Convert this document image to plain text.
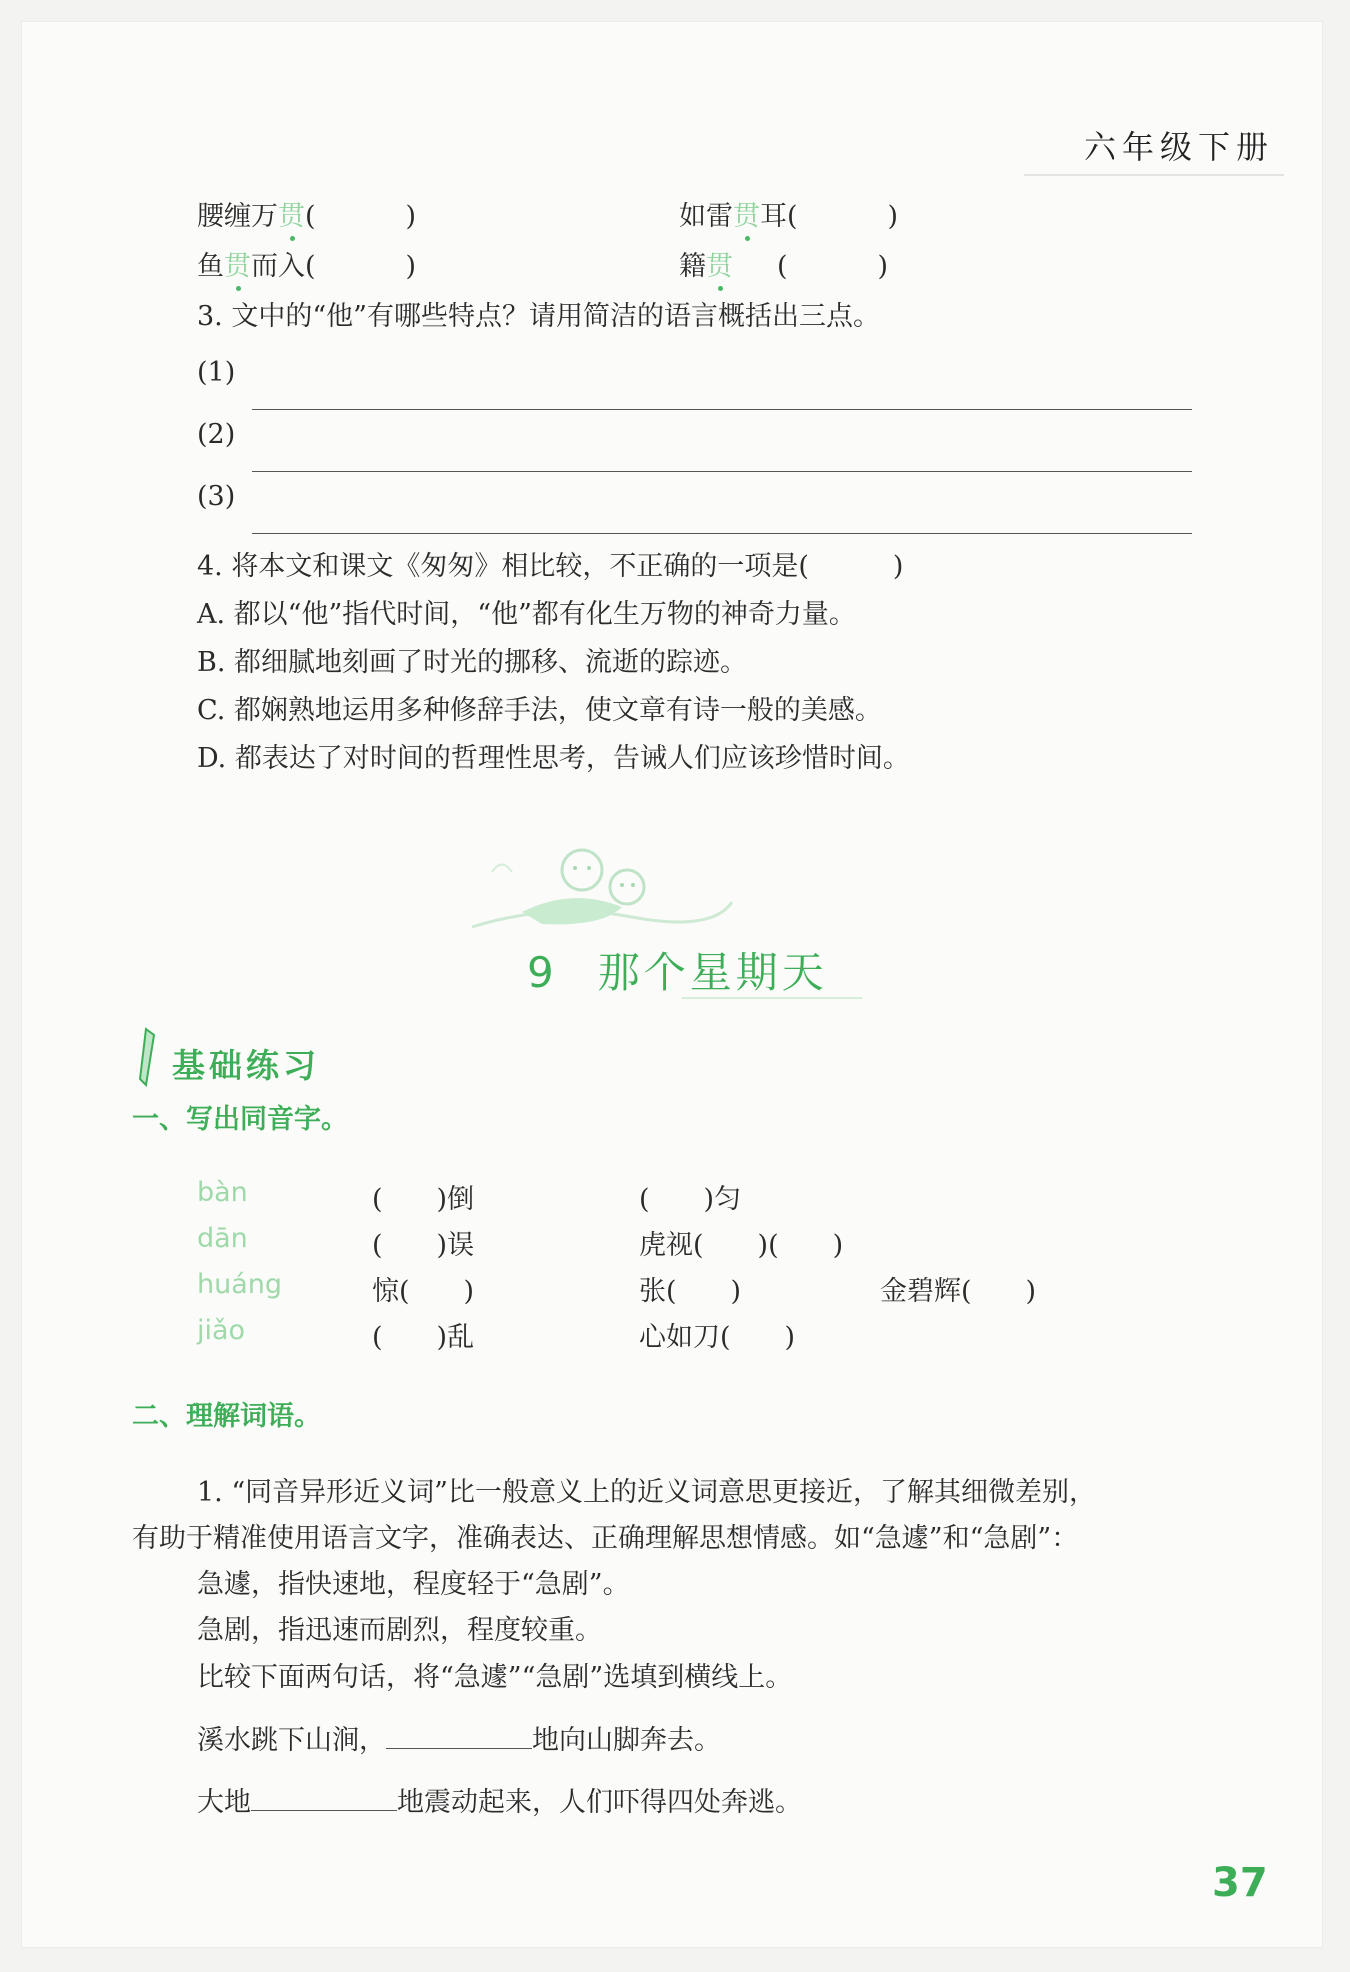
六年级下册
腰缠万贯(	)	如雷贯耳(	)
鱼贯而入(	)	籍贯 (	)
3. 文中的“他”有哪些特点？请用简洁的语言概括出三点。
(1)
(2)
(3)
4. 将本文和课文《匆匆》相比较，不正确的一项是(	)
A. 都以“他”指代时间，“他”都有化生万物的神奇力量。
B. 都细腻地刻画了时光的挪移、流逝的踪迹。
C. 都娴熟地运用多种修辞手法，使文章有诗一般的美感。
D. 都表达了对时间的哲理性思考，告诫人们应该珍惜时间。
9 那个星期天
基础练习
一、写出同音字。
bàn	(　　)倒	(　　)匀
dān	(　　)误	虎视(　　)(　　)
huáng	惊(　　)	张(　　)	金碧辉(　　)
jiǎo	(　　)乱	心如刀(　　)
二、理解词语。
1. “同音异形近义词”比一般意义上的近义词意思更接近，了解其细微差别，
有助于精准使用语言文字，准确表达、正确理解思想情感。如“急遽”和“急剧”：
急遽，指快速地，程度轻于“急剧”。
急剧，指迅速而剧烈，程度较重。
比较下面两句话，将“急遽”“急剧”选填到横线上。
溪水跳下山涧，	地向山脚奔去。
大地	地震动起来，人们吓得四处奔逃。
37
